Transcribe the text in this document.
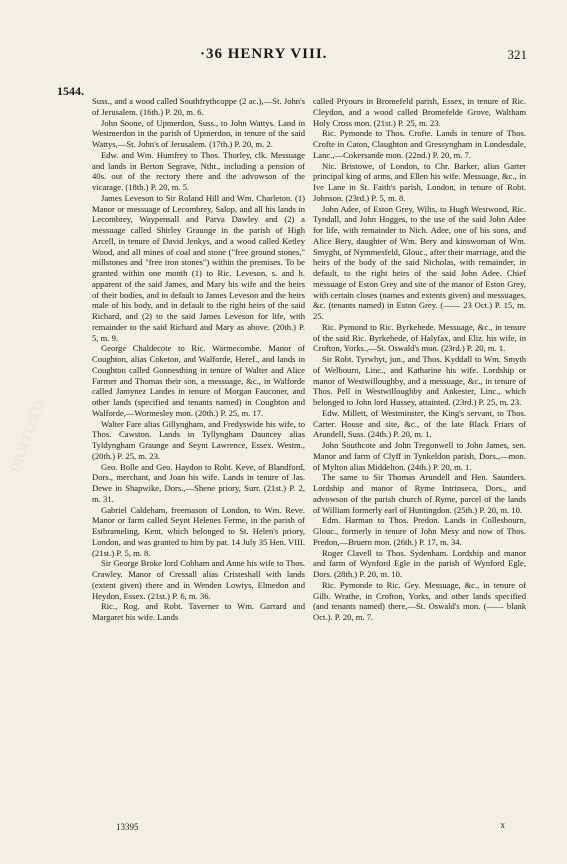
·36 HENRY VIII.	321
1544.

Suss., and a wood called Southfrythcoppe (2 ac.),—St. John's of Jerusalem. (16th.) P. 20, m. 6.

John Soone, of Upmerdon, Suss., to John Wattys. Land in Westmerdon in the parish of Upmerdon, in tenure of the said Wattys,—St. John's of Jerusalem. (17th.) P. 20, m. 2.

Edw. and Wm. Humfrey to Thos. Thorley, clk. Messuage and lands in Berton Segrave, Ntht., including a pension of 40s. out of the rectory there and the advowson of the vicarage. (18th.) P. 20, m. 5.

James Leveson to Sir Roland Hill and Wm. Charleton. (1) Manor or messuage of Lecombrey, Salop, and all his lands in Lecombrey, Waypensall and Parva Dawley and (2) a messuage called Shirley Graunge in the parish of High Arcell, in tenure of David Jenkys, and a wood called Ketley Wood, and all mines of coal and stone ("free ground stones," millstones and "free iron stones") within the premises. To be granted within one month (1) to Ric. Leveson, s. and h. apparent of the said James, and Mary his wife and the heirs of their bodies, and in default to James Leveson and the heirs male of his body, and in default to the right heirs of the said Richard, and (2) to the said James Leveson for life, with remainder to the said Richard and Mary as above. (20th.) P. 5, m. 9.

George Chaldecote to Ric. Warmecombe. Manor of Coughton, alias Coketon, and Walforde, Heref., and lands in Coughton called Gonnesthing in tenure of Walter and Alice Farmer and Thomas their son, a messuage, &c., in Walforde called Jamynez Landes in tenure of Morgan Fauconer, and other lands (specified and tenants named) in Coughton and Walforde,—Wormesley mon. (20th.) P. 25, m. 17.

Walter Fare alias Gillyngham, and Fredyswide his wife, to Thos. Cawston. Lands in Tyllyngham Dauncey alias Tyldyngham Graunge and Seynt Lawrence, Essex. Westm., (20th.) P. 25, m. 23.

Geo. Bolle and Geo. Haydon to Robt. Keve, of Blandford, Dors., merchant, and Joan his wife. Lands in tenure of Jas. Dewe in Shapwike, Dors.,—Shene priory, Surr. (21st.) P. 2, m. 31.

Gabriel Caldeham, freemason of London, to Wm. Reve. Manor or farm called Seynt Helenes Ferme, in the parish of Estbrameling, Kent, which belonged to St. Helen's priory, London, and was granted to him by pat. 14 July 35 Hen. VIII. (21st.) P. 5, m. 8.

Sir George Broke lord Cobham and Anne his wife to Thos. Crawley. Manor of Cressall alias Cristeshall with lands (extent given) there and in Wenden Lowtys, Elmedon and Heydon, Essex. (21st.) P. 6, m. 36.

Ric., Rog. and Robt. Taverner to Wm. Garrard and Margaret his wife. Lands

called Pryours in Bromefeld parish, Essex, in tenure of Ric. Cleydon, and a wood called Bromefelde Grove, Waltham Holy Cross mon. (21st.) P. 25, m. 23.

Ric. Pymonde to Thos. Crofte. Lands in tenure of Thos. Crofte in Caton, Claughton and Gressyngham in Londesdale, Lanc.,—Cokersande mon. (22nd.) P. 20, m. 7.

Nic. Bristowe, of London, to Chr. Barker, alias Garter principal king of arms, and Ellen his wife. Messuage, &c., in Ive Lane in St. Faith's parish, London, in tenure of Robt. Johnson. (23rd.) P. 5, m. 8.

John Adee, of Eston Grey, Wilts, to Hugh Westwood, Ric. Tyndall, and John Hogges, to the use of the said John Adee for life, with remainder to Nich. Adee, one of his sons, and Alice Bery, daughter of Wm. Bery and kinswoman of Wm. Smyght, of Nymmesfeld, Glouc., after their marriage, and the heirs of the body of the said Nicholas, with remainder, in default, to the right heirs of the said John Adee. Chief messuage of Eston Grey and site of the manor of Eston Grey, with certain closes (names and extents given) and messuages, &c. (tenants named) in Eston Grey. (—— 23 Oct.) P. 15, m. 25.

Ric. Pymond to Ric. Byrkehede. Messuage, &c., in tenure of the said Ric. Byrkehede, of Halyfax, and Eliz. his wife, in Crofton, Yorks.,—St. Oswald's mon. (23rd.) P. 20, m. 1.

Sir Robt. Tyrwhyt, jun., and Thos. Kyddall to Wm. Smyth of Welbourn, Linc., and Katharine his wife. Lordship or manor of Westwilloughby, and a messuage, &c., in tenure of Thos. Pell in Westwilloughby and Ankester, Linc., which belonged to John lord Hussey, attainted. (23rd.) P. 25, m. 23.

Edw. Millett, of Westminster, the King's servant, to Thos. Carter. House and site, &c., of the late Black Friars of Arundell, Suss. (24th.) P. 20, m. 1.

John Southcote and John Tregonwell to John James, sen. Manor and farm of Clyff in Tynkeldon parish, Dors.,—mon. of Mylton alias Middelton. (24th.) P. 20, m. 1.

The same to Sir Thomas Arundell and Hen. Saunders. Lordship and manor of Ryme Intrinseca, Dors., and advowson of the parish church of Ryme, parcel of the lands of William formerly earl of Huntingdon. (25th.) P. 20, m. 10.

Edm. Harman to Thos. Predon. Lands in Collesbourn, Glouc., formerly in tenure of John Mesy and now of Thos. Predon,—Bruern mon. (26th.) P. 17, m. 34.

Roger Clavell to Thos. Sydenham. Lordship and manor and farm of Wynford Egle in the parish of Wynford Egle, Dors. (28th.) P. 20, m. 10.

Ric. Pymonde to Ric. Gey. Messuage, &c., in tenure of Gilb. Wrathe, in Crofton, Yorks, and other lands specified (and tenants named) there,—St. Oswald's mon. (—— blank Oct.). P. 20, m. 7.

13395	x
DIGITIZED
